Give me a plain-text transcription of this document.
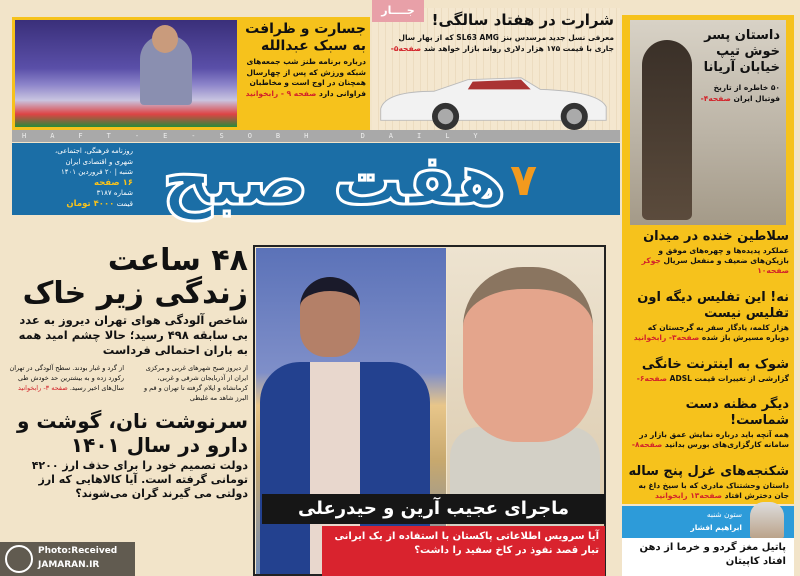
جسارت و ظرافت به سبک عبدالله

درباره برنامه طنز شب جمعه‌های شبکه ورزش که پس از چهارسال همچنان در اوج است و مخاطبان فراوانی دارد صفحه ۹ - رابخوانید

شرارت در هفتاد سالگی!

معرفی نسل جدید مرسدس بنز SL63 AMG که از بهار سال جاری با قیمت ۱۷۵ هزار دلاری روانه بازار خواهد شد صفحه۵-

جــــار
HAFT-E-SOBH DAILY
روزنامه فرهنگی، اجتماعی،
شهری و اقتصادی ایران
شنبه | ۲۰ فروردین ۱۴۰۱
۱۶ صفحه
شماره ۳۱۸۷
قیمت ۴۰۰۰ تومان هفت صبح ۷
داستان پسر خوش تیپ خیابان آریانا
۵۰ خاطره از تاریخ فوتبال ایران صفحه۴-
سلاطین خنده در میدان
عملکرد پدیده‌ها و چهره‌های موفق و بازیکن‌های ضعیف و منفعل سریال جوکر صفحه۱۰
نه! این تفلیس دیگه اون تفلیس نیست
هزار کلمه، یادگار سفر به گرجستان که دوباره مسیرش باز شده صفحه۳- رابخوانید
شوک به اینترنت خانگی
گزارشی از تغییرات قیمت ADSL صفحه۶-
دیگر مظنه دست شماست!
همه آنچه باید درباره نمایش عمق بازار در سامانه کارگزاری‌های بورس بدانید صفحه۸-
شکنجه‌های غزل پنج ساله
داستان وحشتناک مادری که با سیخ داغ به جان دخترش افتاد صفحه۱۳ رابخوانید
ستون شنبه
ابراهیم افشار
پاتیل مغز گردو و خرما از دهن افتاد کاپیتان
۴۸ ساعت زندگی زیر خاک
شاخص آلودگی هوای تهران دیروز به عدد بی سابقه ۴۹۸ رسید؛ حالا چشم امید همه به باران احتمالی فرداست
از دیروز صبح شهرهای غربی و مرکزی ایران از آذربایجان شرقی و غربی، کرمانشاه و ایلام گرفته تا تهران و قم و البرز شاهد مه غلیظی
از گرد و غبار بودند. سطح آلودگی در تهران رکورد زده و به بیشترین حد خودش طی سال‌های اخیر رسید. صفحه ۳- رابخوانید
سرنوشت نان، گوشت و دارو در سال ۱۴۰۱
دولت تصمیم خود را برای حذف ارز ۴۲۰۰ تومانی گرفته است. آیا کالاهایی که ارز دولتی می گیرند گران می‌شوند؟
Photo:Received
JAMARAN.IR
ماجرای عجیب آرین و حیدرعلی
آیا سرویس اطلاعاتی پاکستان با استفاده از یک ایرانی تبار قصد نفوذ در کاخ سفید را داشت؟
